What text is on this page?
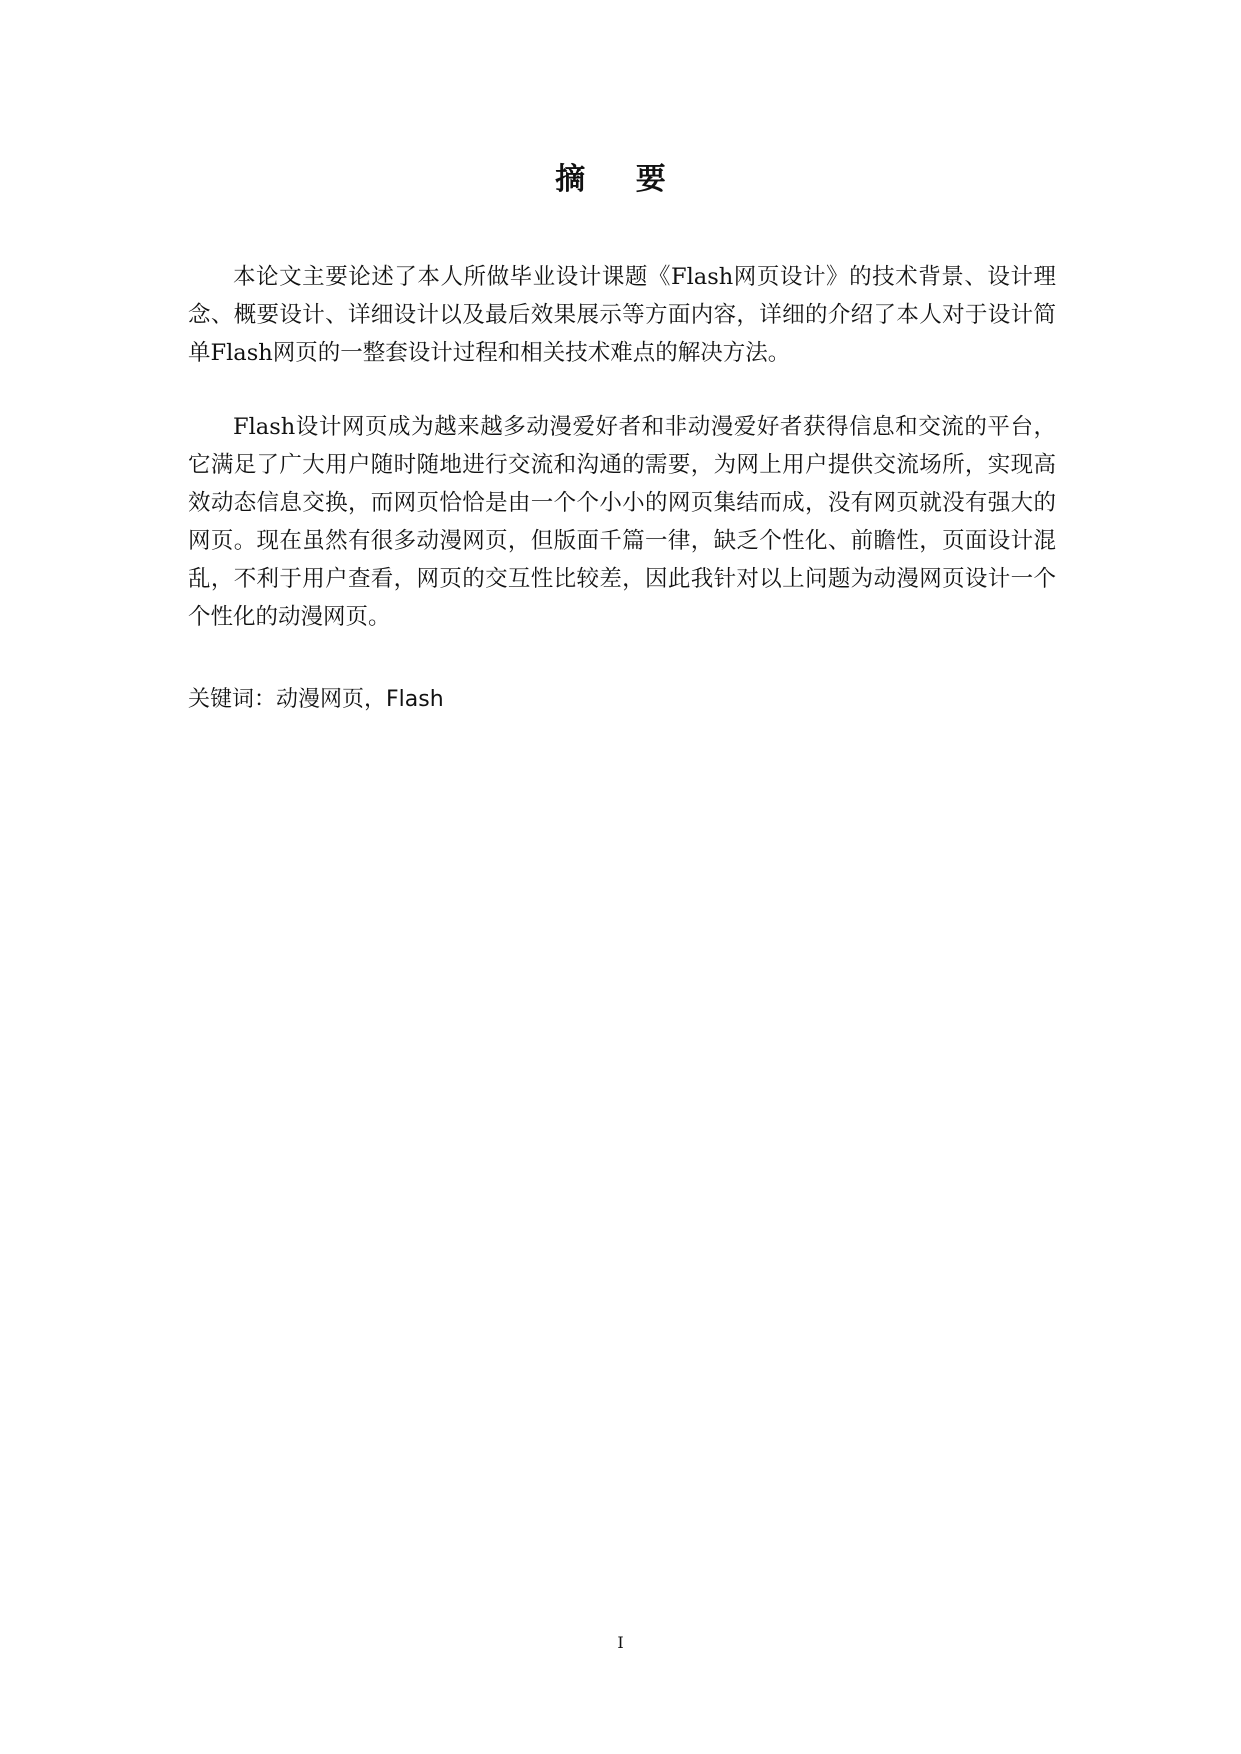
摘 要

本论文主要论述了本人所做毕业设计课题《Flash网页设计》的技术背景、设计理念、概要设计、详细设计以及最后效果展示等方面内容，详细的介绍了本人对于设计简单Flash网页的一整套设计过程和相关技术难点的解决方法。

Flash设计网页成为越来越多动漫爱好者和非动漫爱好者获得信息和交流的平台，它满足了广大用户随时随地进行交流和沟通的需要，为网上用户提供交流场所，实现高效动态信息交换，而网页恰恰是由一个个小小的网页集结而成，没有网页就没有强大的网页。现在虽然有很多动漫网页，但版面千篇一律，缺乏个性化、前瞻性，页面设计混乱，不利于用户查看，网页的交互性比较差，因此我针对以上问题为动漫网页设计一个个性化的动漫网页。

关键词：动漫网页，Flash

I
